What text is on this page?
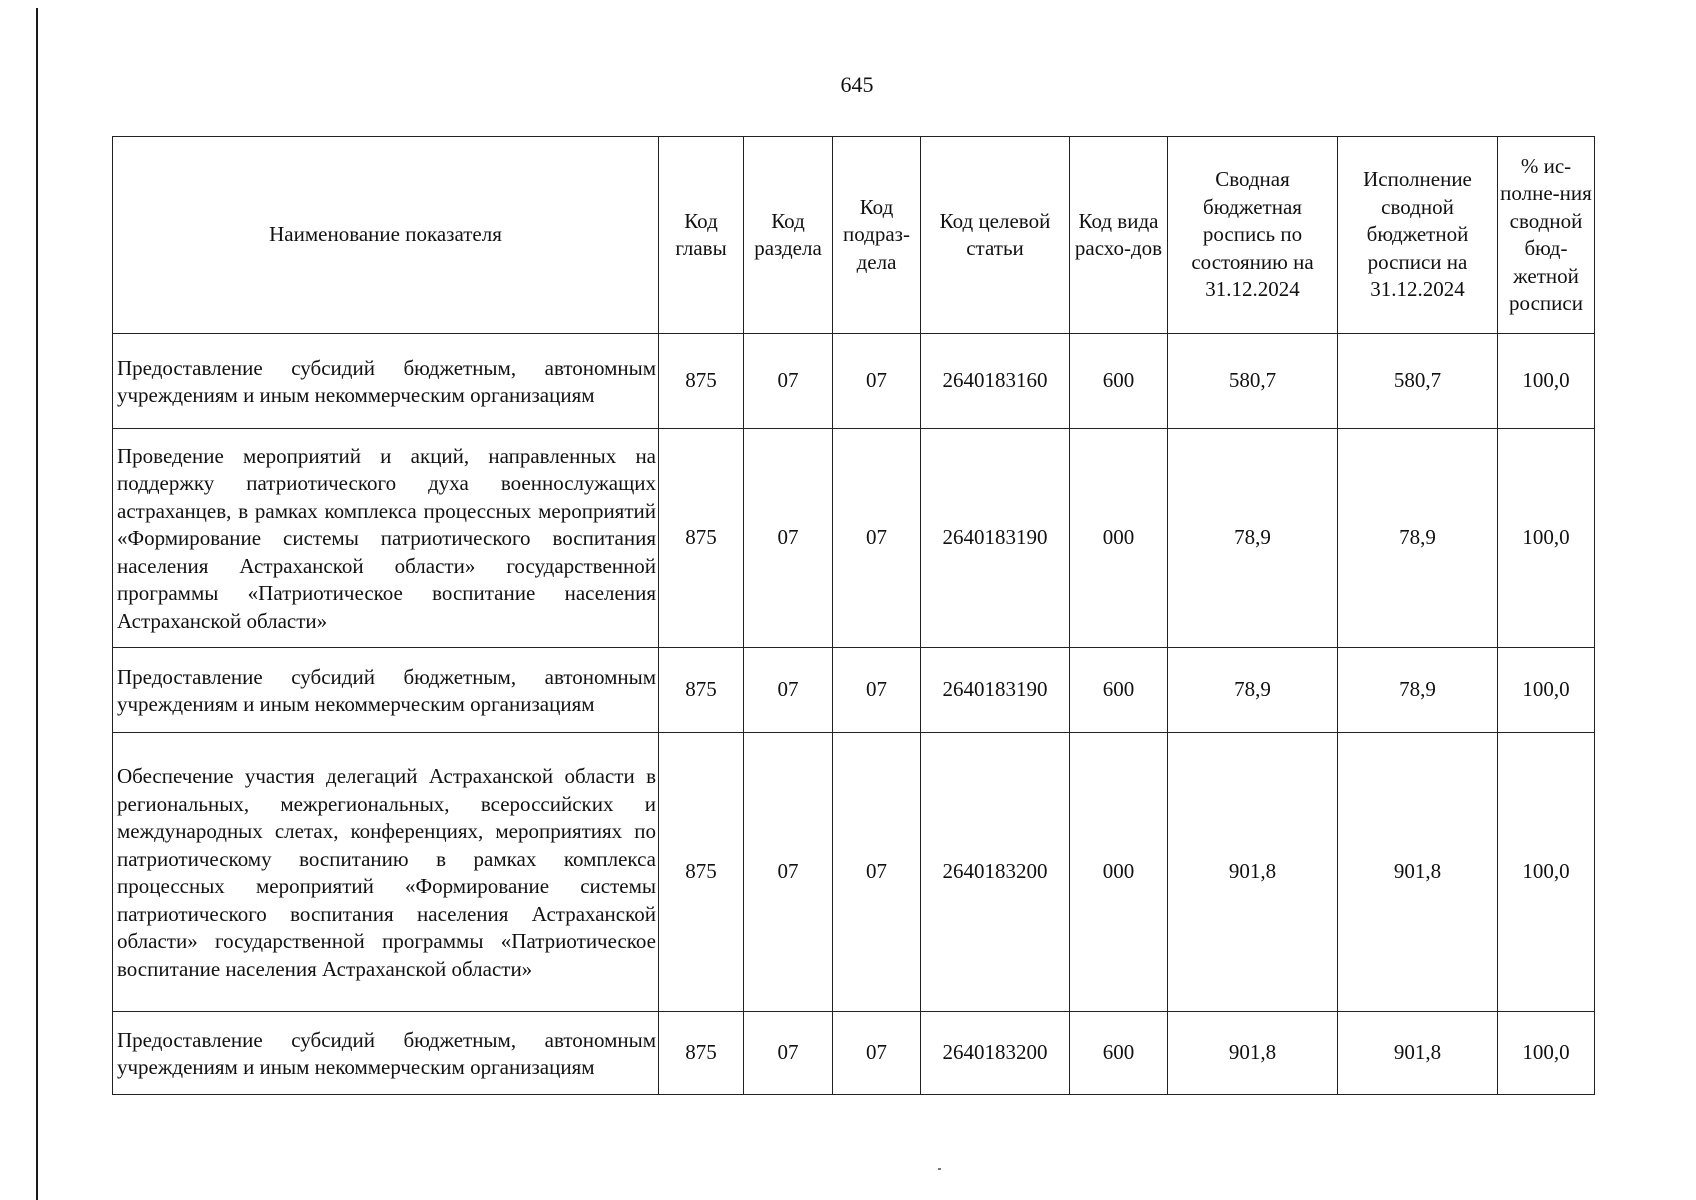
645
Наименование показателя	Код главы	Код раздела	Код подраз-дела	Код целевой статьи	Код вида расхо-дов	Сводная бюджетная роспись по состоянию на 31.12.2024	Исполнение сводной бюджетной росписи на 31.12.2024	% ис-полне-ния сводной бюд-жетной росписи
Предоставление субсидий бюджетным, автономным учреждениям и иным некоммерческим организациям	875	07	07	2640183160	600	580,7	580,7	100,0
Проведение мероприятий и акций, направленных на поддержку патриотического духа военнослужащих астраханцев, в рамках комплекса процессных мероприятий «Формирование системы патриотического воспитания населения Астраханской области» государственной программы «Патриотическое воспитание населения Астраханской области»	875	07	07	2640183190	000	78,9	78,9	100,0
Предоставление субсидий бюджетным, автономным учреждениям и иным некоммерческим организациям	875	07	07	2640183190	600	78,9	78,9	100,0
Обеспечение участия делегаций Астраханской области в региональных, межрегиональных, всероссийских и международных слетах, конференциях, мероприятиях по патриотическому воспитанию в рамках комплекса процессных мероприятий «Формирование системы патриотического воспитания населения Астраханской области» государственной программы «Патриотическое воспитание населения Астраханской области»	875	07	07	2640183200	000	901,8	901,8	100,0
Предоставление субсидий бюджетным, автономным учреждениям и иным некоммерческим организациям	875	07	07	2640183200	600	901,8	901,8	100,0
